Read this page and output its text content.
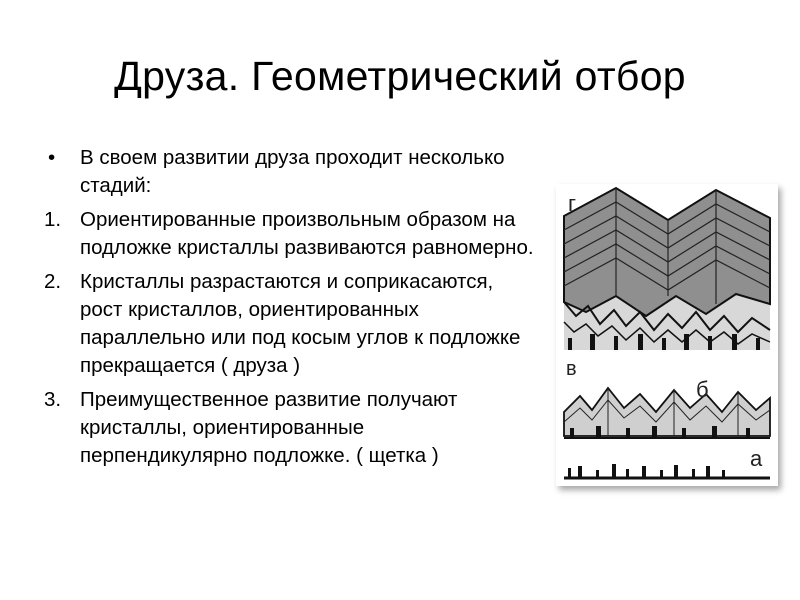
Друза. Геометрический отбор
• В своем развитии друза проходит несколько стадий:
1. Ориентированные произвольным образом на подложке кристаллы развиваются равномерно.
2. Кристаллы разрастаются и соприкасаются, рост кристаллов, ориентированных параллельно или под косым углов к подложке прекращается ( друза )
3. Преимущественное развитие получают кристаллы, ориентированные перпендикулярно подложке. ( щетка )
г
в
б
а
